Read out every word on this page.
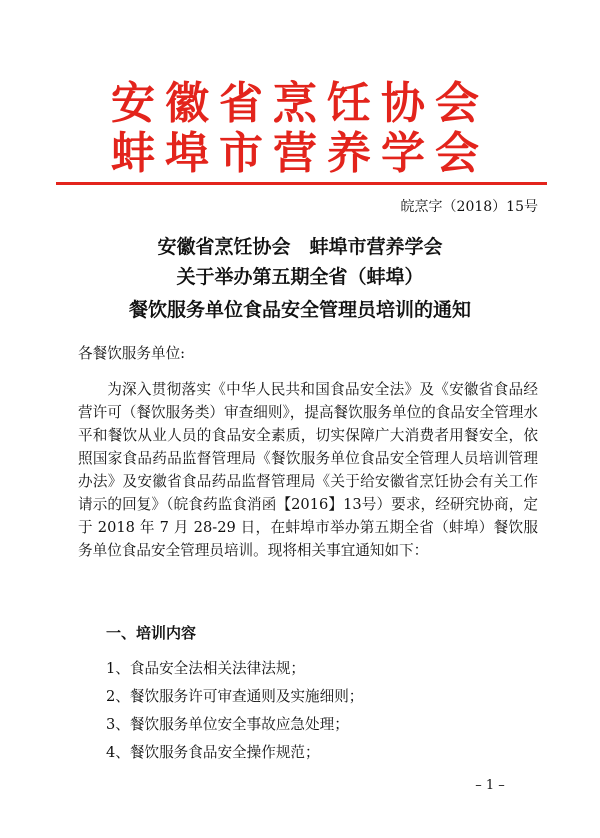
安徽省烹饪协会
蚌埠市营养学会
皖烹字（2018）15号
安徽省烹饪协会　蚌埠市营养学会
关于举办第五期全省（蚌埠）
餐饮服务单位食品安全管理员培训的通知
各餐饮服务单位:
为深入贯彻落实《中华人民共和国食品安全法》及《安徽省食品经营许可（餐饮服务类）审查细则》，提高餐饮服务单位的食品安全管理水平和餐饮从业人员的食品安全素质，切实保障广大消费者用餐安全，依照国家食品药品监督管理局《餐饮服务单位食品安全管理人员培训管理办法》及安徽省食品药品监督管理局《关于给安徽省烹饪协会有关工作请示的回复》（皖食药监食消函【2016】13号）要求，经研究协商，定于 2018 年 7 月 28-29 日，在蚌埠市举办第五期全省（蚌埠）餐饮服务单位食品安全管理员培训。现将相关事宜通知如下：
一、培训内容
1、食品安全法相关法律法规；
2、餐饮服务许可审查通则及实施细则；
3、餐饮服务单位安全事故应急处理；
4、餐饮服务食品安全操作规范；
– 1 –
